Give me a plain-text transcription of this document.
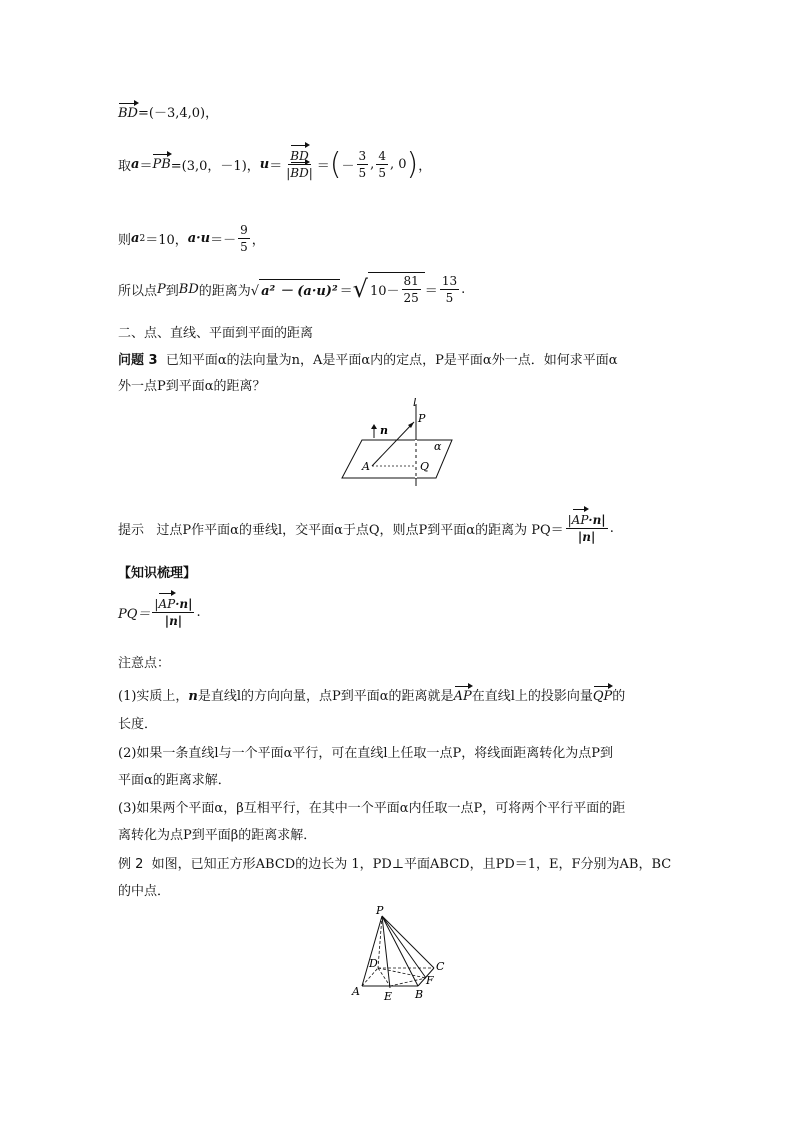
BD=(－3,4,0)，
取 a ＝ PB =(3,0，－1)， $u = \frac{BD}{|BD|}$ ＝ ( － $\frac{3}{5}$ , $\frac{4}{5}$ ,
0 ) ，
则 a 2 ＝10， $a\cdot u =- \frac{9}{5}$ ，
所以点 P 到 BD 的距离为 √ a² － (a·u)² ＝ √ $10- \frac{81}{25} = \frac{13}{5}$ .
二、点、直线、平面到平面的距离
问题 3 已知平面α的法向量为n，A是平面α内的定点，P是平面α外一点．如何求平面α
外一点P到平面α的距离？
l
P
n
α
A	Q
提示
过点P作平面α的垂线l，交平面α于点Q，则点P到平面α的距离为 $PQ= \frac{|AP\cdot n|}{|n|}$ .
【知识梳理】
$PQ= \frac{|AP\cdot n|}{|n|}$ .
注意点：
(1)实质上，n是直线l的方向向量，点P到平面α的距离就是AP在直线l上的投影向量QP的
长度．
(2)如果一条直线l与一个平面α平行，可在直线l上任取一点P，将线面距离转化为点P到
平面α的距离求解．
(3)如果两个平面α，β互相平行，在其中一个平面α内任取一点P，可将两个平行平面的距
离转化为点P到平面β的距离求解．
例 2 如图，已知正方形ABCD的边长为 1，PD⊥平面ABCD，且PD＝1，E，F分别为AB，BC
的中点．
P
D	C
F
A E B
